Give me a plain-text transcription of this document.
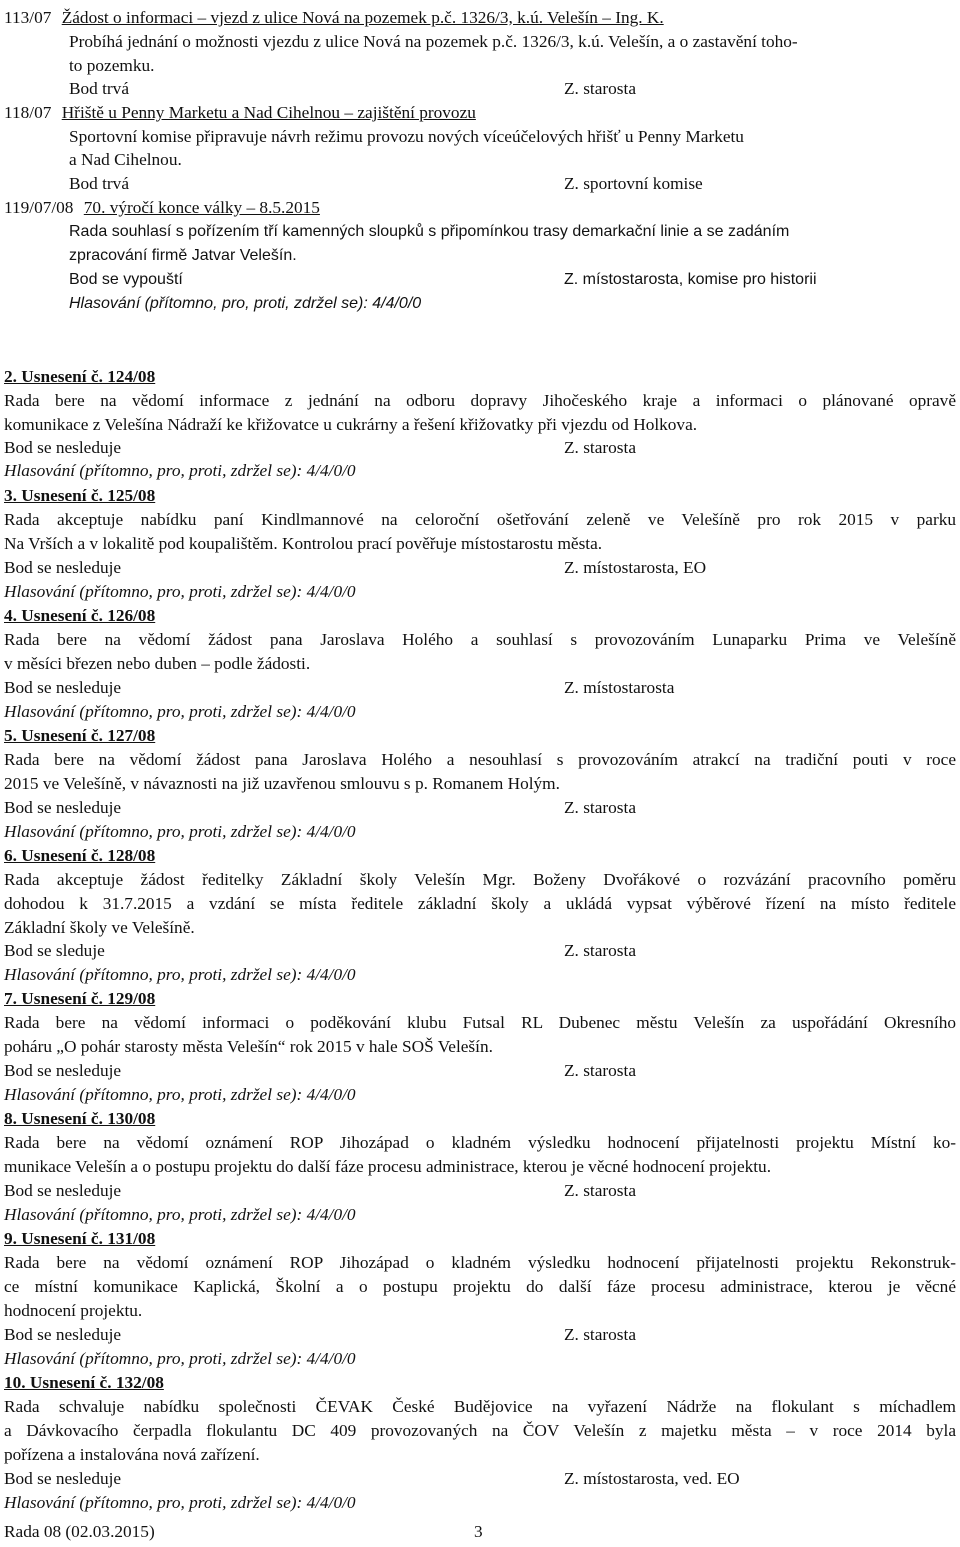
113/07 Žádost o informaci – vjezd z ulice Nová na pozemek p.č. 1326/3, k.ú. Velešín – Ing. K.
Probíhá jednání o možnosti vjezdu z ulice Nová na pozemek p.č. 1326/3, k.ú. Velešín, a o zastavění toho-
to pozemku.
Bod trvá	Z. starosta
118/07 Hřiště u Penny Marketu a Nad Cihelnou – zajištění provozu
Sportovní komise připravuje návrh režimu provozu nových víceúčelových hřišť u Penny Marketu
a Nad Cihelnou.
Bod trvá	Z. sportovní komise
119/07/08 70. výročí konce války – 8.5.2015
Rada souhlasí s pořízením tří kamenných sloupků s připomínkou trasy demarkační linie a se zadáním
zpracování firmě Jatvar Velešín.
Bod se vypouští	Z. místostarosta, komise pro historii
Hlasování (přítomno, pro, proti, zdržel se): 4/4/0/0
2. Usnesení č. 124/08
Rada bere na vědomí informace z jednání na odboru dopravy Jihočeského kraje a informaci o plánované opravě
komunikace z Velešína Nádraží ke křižovatce u cukrárny a řešení křižovatky při vjezdu od Holkova.
Bod se nesleduje	Z. starosta
Hlasování (přítomno, pro, proti, zdržel se): 4/4/0/0
3. Usnesení č. 125/08
Rada akceptuje nabídku paní Kindlmannové na celoroční ošetřování zeleně ve Velešíně pro rok 2015 v parku
Na Vrších a v lokalitě pod koupalištěm. Kontrolou prací pověřuje místostarostu města.
Bod se nesleduje	Z. místostarosta, EO
Hlasování (přítomno, pro, proti, zdržel se): 4/4/0/0
4. Usnesení č. 126/08
Rada bere na vědomí žádost pana Jaroslava Holého a souhlasí s provozováním Lunaparku Prima ve Velešíně
v měsíci březen nebo duben – podle žádosti.
Bod se nesleduje	Z. místostarosta
Hlasování (přítomno, pro, proti, zdržel se): 4/4/0/0
5. Usnesení č. 127/08
Rada bere na vědomí žádost pana Jaroslava Holého a nesouhlasí s provozováním atrakcí na tradiční pouti v roce
2015 ve Velešíně, v návaznosti na již uzavřenou smlouvu s p. Romanem Holým.
Bod se nesleduje	Z. starosta
Hlasování (přítomno, pro, proti, zdržel se): 4/4/0/0
6. Usnesení č. 128/08
Rada akceptuje žádost ředitelky Základní školy Velešín Mgr. Boženy Dvořákové o rozvázání pracovního poměru
dohodou k 31.7.2015 a vzdání se místa ředitele základní školy a ukládá vypsat výběrové řízení na místo ředitele
Základní školy ve Velešíně.
Bod se sleduje	Z. starosta
Hlasování (přítomno, pro, proti, zdržel se): 4/4/0/0
7. Usnesení č. 129/08
Rada bere na vědomí informaci o poděkování klubu Futsal RL Dubenec městu Velešín za uspořádání Okresního
poháru „O pohár starosty města Velešín“ rok 2015 v hale SOŠ Velešín.
Bod se nesleduje	Z. starosta
Hlasování (přítomno, pro, proti, zdržel se): 4/4/0/0
8. Usnesení č. 130/08
Rada bere na vědomí oznámení ROP Jihozápad o kladném výsledku hodnocení přijatelnosti projektu Místní ko-
munikace Velešín a o postupu projektu do další fáze procesu administrace, kterou je věcné hodnocení projektu.
Bod se nesleduje	Z. starosta
Hlasování (přítomno, pro, proti, zdržel se): 4/4/0/0
9. Usnesení č. 131/08
Rada bere na vědomí oznámení ROP Jihozápad o kladném výsledku hodnocení přijatelnosti projektu Rekonstruk-
ce místní komunikace Kaplická, Školní a o postupu projektu do další fáze procesu administrace, kterou je věcné
hodnocení projektu.
Bod se nesleduje	Z. starosta
Hlasování (přítomno, pro, proti, zdržel se): 4/4/0/0
10. Usnesení č. 132/08
Rada schvaluje nabídku společnosti ČEVAK České Budějovice na vyřazení Nádrže na flokulant s míchadlem
a Dávkovacího čerpadla flokulantu DC 409 provozovaných na ČOV Velešín z majetku města – v roce 2014 byla
pořízena a instalována nová zařízení.
Bod se nesleduje	Z. místostarosta, ved. EO
Hlasování (přítomno, pro, proti, zdržel se): 4/4/0/0
Rada 08 (02.03.2015)	3
